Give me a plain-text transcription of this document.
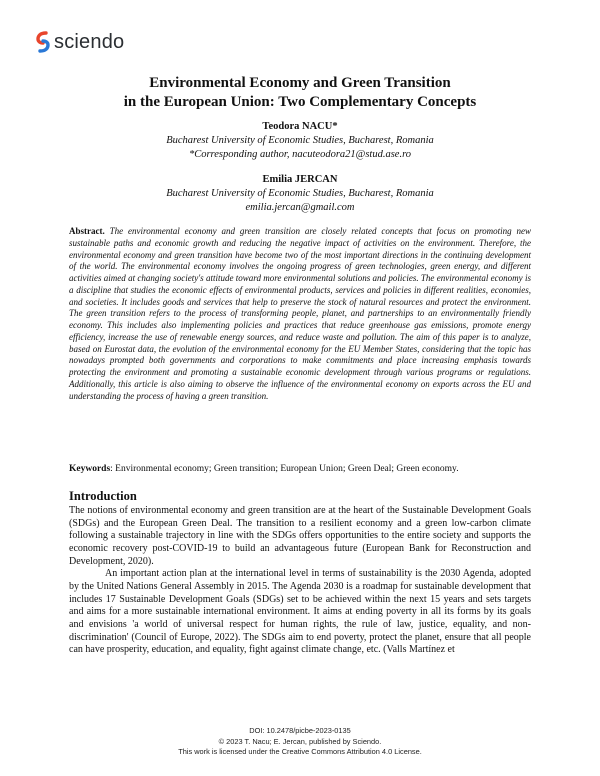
sciendo
Environmental Economy and Green Transition
in the European Union: Two Complementary Concepts
Teodora NACU*
Bucharest University of Economic Studies, Bucharest, Romania
*Corresponding author, nacuteodora21@stud.ase.ro
Emilia JERCAN
Bucharest University of Economic Studies, Bucharest, Romania
emilia.jercan@gmail.com
Abstract. The environmental economy and green transition are closely related concepts that focus on promoting new sustainable paths and economic growth and reducing the negative impact of activities on the environment. Therefore, the environmental economy and green transition have become two of the most important directions in the continuing development of the world. The environmental economy involves the ongoing progress of green technologies, green energy, and different activities aimed at changing society's attitude toward more environmental solutions and policies. The environmental economy is a discipline that studies the economic effects of environmental products, services and policies in different realities, economies, and societies. It includes goods and services that help to preserve the stock of natural resources and protect the environment. The green transition refers to the process of transforming people, planet, and partnerships to an environmentally friendly economy. This includes also implementing policies and practices that reduce greenhouse gas emissions, promote energy efficiency, increase the use of renewable energy sources, and reduce waste and pollution. The aim of this paper is to analyze, based on Eurostat data, the evolution of the environmental economy for the EU Member States, considering that the topic has nowadays prompted both governments and corporations to make commitments and place increasing emphasis towards protecting the environment and promoting a sustainable economic development through various programs or regulations. Additionally, this article is also aiming to observe the influence of the environmental economy on exports across the EU and understanding the process of having a green transition.
Keywords: Environmental economy; Green transition; European Union; Green Deal; Green economy.
Introduction

The notions of environmental economy and green transition are at the heart of the Sustainable Development Goals (SDGs) and the European Green Deal. The transition to a resilient economy and a green low-carbon climate following a sustainable trajectory in line with the SDGs offers opportunities to the entire society and supports the economic recovery post-COVID-19 to build an advantageous future (European Bank for Reconstruction and Development, 2020).

An important action plan at the international level in terms of sustainability is the 2030 Agenda, adopted by the United Nations General Assembly in 2015. The Agenda 2030 is a roadmap for sustainable development that includes 17 Sustainable Development Goals (SDGs) set to be achieved within the next 15 years and sets targets and aims for a more sustainable international environment. It aims at ending poverty in all its forms by its goals and envisions 'a world of universal respect for human rights, the rule of law, justice, equality, and non-discrimination' (Council of Europe, 2022). The SDGs aim to end poverty, protect the planet, ensure that all people can have prosperity, education, and equality, fight against climate change, etc. (Valls Martínez et

DOI: 10.2478/picbe-2023-0135
© 2023 T. Nacu; E. Jercan, published by Sciendo.
This work is licensed under the Creative Commons Attribution 4.0 License.
